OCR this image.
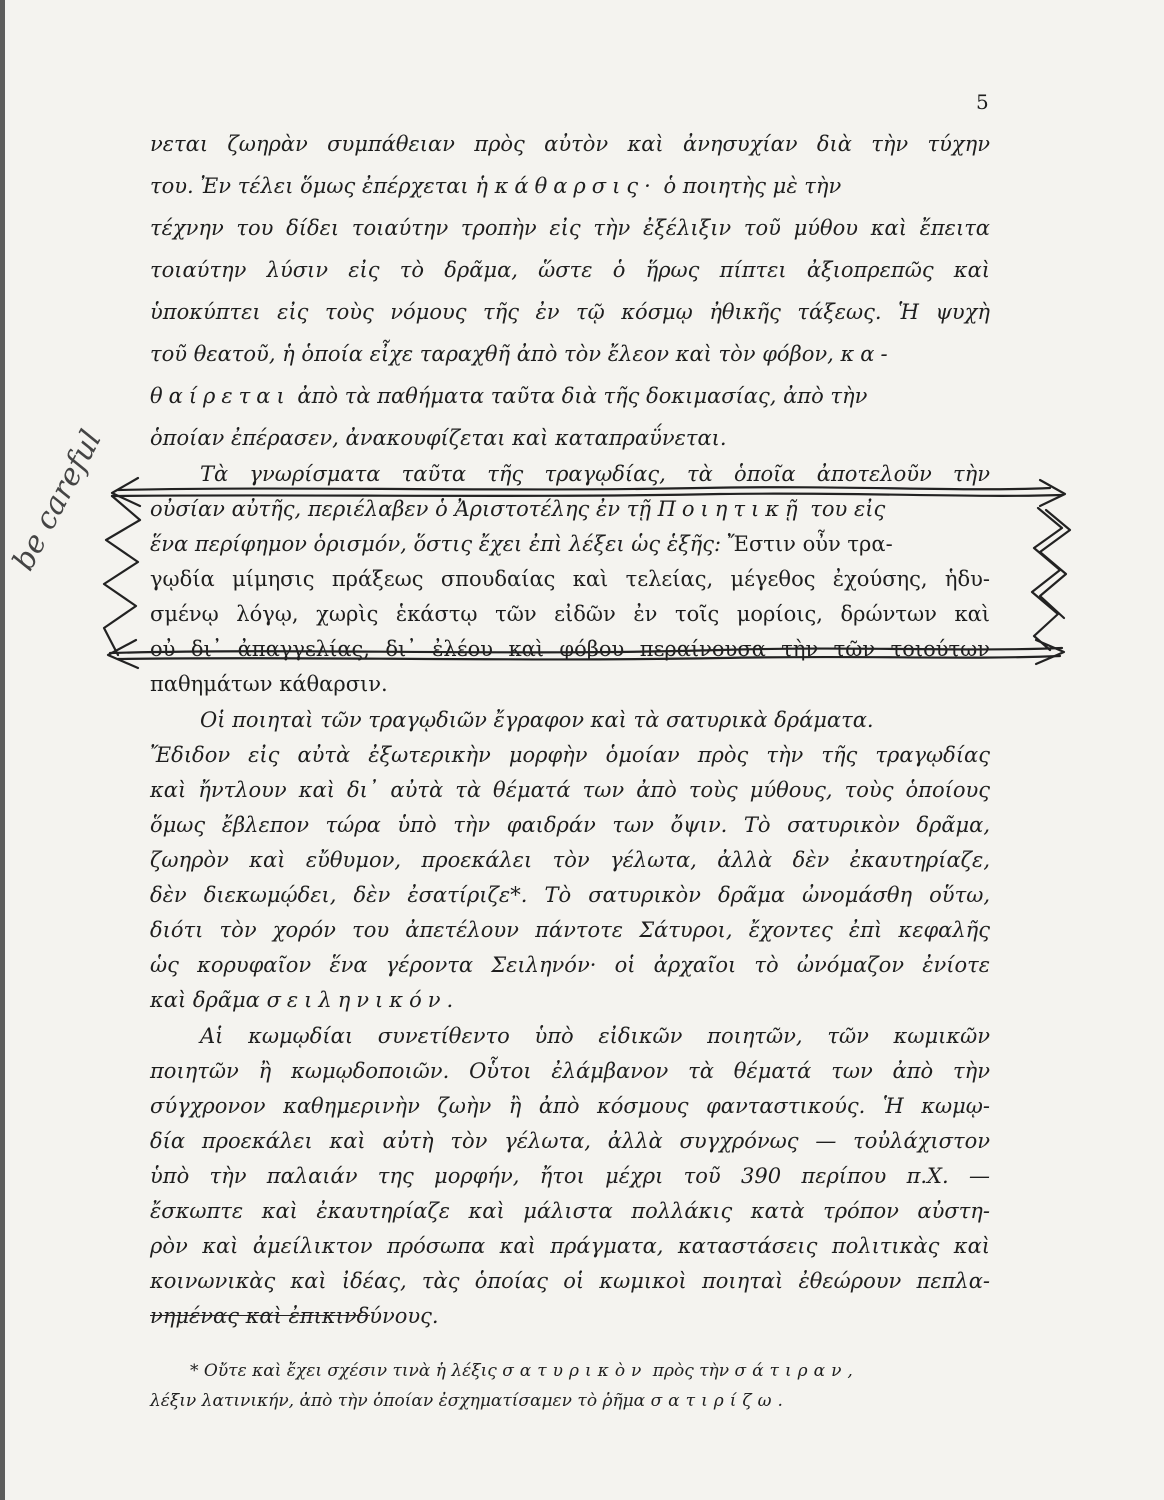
5
νεται ζωηρὰν συμπάθειαν πρὸς αὐτὸν καὶ ἀνησυχίαν διὰ τὴν τύχην
του. Ἐν τέλει ὅμως ἐπέρχεται ἡ κάθαρσις· ὁ ποιητὴς μὲ τὴν
τέχνην του δίδει τοιαύτην τροπὴν εἰς τὴν ἐξέλιξιν τοῦ μύθου καὶ ἔπειτα
τοιαύτην λύσιν εἰς τὸ δρᾶμα, ὥστε ὁ ἥρως πίπτει ἀξιοπρεπῶς καὶ
ὑποκύπτει εἰς τοὺς νόμους τῆς ἐν τῷ κόσμῳ ἠθικῆς τάξεως. Ἡ ψυχὴ
τοῦ θεατοῦ, ἡ ὁποία εἶχε ταραχθῆ ἀπὸ τὸν ἔλεον καὶ τὸν φόβον, κα-
θαίρεται ἀπὸ τὰ παθήματα ταῦτα διὰ τῆς δοκιμασίας, ἀπὸ τὴν
ὁποίαν ἐπέρασεν, ἀνακουφίζεται καὶ καταπραΰνεται.
Τὰ γνωρίσματα ταῦτα τῆς τραγῳδίας, τὰ ὁποῖα ἀποτελοῦν τὴν
οὐσίαν αὐτῆς, περιέλαβεν ὁ Ἀριστοτέλης ἐν τῇ Ποιητικῇ του εἰς
ἕνα περίφημον ὁρισμόν, ὅστις ἔχει ἐπὶ λέξει ὡς ἑξῆς: Ἔστιν οὖν τρα-
γῳδία μίμησις πράξεως σπουδαίας καὶ τελείας, μέγεθος ἐχούσης, ἡδυ-
σμένῳ λόγῳ, χωρὶς ἑκάστῳ τῶν εἰδῶν ἐν τοῖς μορίοις, δρώντων καὶ
οὐ δι᾿ ἀπαγγελίας, δι᾿ ἐλέου καὶ φόβου περαίνουσα τὴν τῶν τοιούτων
παθημάτων κάθαρσιν.
Οἱ ποιηταὶ τῶν τραγῳδιῶν ἔγραφον καὶ τὰ σατυρικὰ δράματα.
Ἔδιδον εἰς αὐτὰ ἐξωτερικὴν μορφὴν ὁμοίαν πρὸς τὴν τῆς τραγῳδίας
καὶ ἤντλουν καὶ δι᾿ αὐτὰ τὰ θέματά των ἀπὸ τοὺς μύθους, τοὺς ὁποίους
ὅμως ἔβλεπον τώρα ὑπὸ τὴν φαιδράν των ὄψιν. Τὸ σατυρικὸν δρᾶμα,
ζωηρὸν καὶ εὔθυμον, προεκάλει τὸν γέλωτα, ἀλλὰ δὲν ἐκαυτηρίαζε,
δὲν διεκωμῴδει, δὲν ἐσατίριζε*. Τὸ σατυρικὸν δρᾶμα ὠνομάσθη οὕτω,
διότι τὸν χορόν του ἀπετέλουν πάντοτε Σάτυροι, ἔχοντες ἐπὶ κεφαλῆς
ὡς κορυφαῖον ἕνα γέροντα Σειληνόν· οἱ ἀρχαῖοι τὸ ὠνόμαζον ἐνίοτε
καὶ δρᾶμα σειληνικόν.
Αἱ κωμῳδίαι συνετίθεντο ὑπὸ εἰδικῶν ποιητῶν, τῶν κωμικῶν
ποιητῶν ἢ κωμῳδοποιῶν. Οὗτοι ἐλάμβανον τὰ θέματά των ἀπὸ τὴν
σύγχρονον καθημερινὴν ζωὴν ἢ ἀπὸ κόσμους φανταστικούς. Ἡ κωμῳ-
δία προεκάλει καὶ αὐτὴ τὸν γέλωτα, ἀλλὰ συγχρόνως — τοὐλάχιστον
ὑπὸ τὴν παλαιάν της μορφήν, ἤτοι μέχρι τοῦ 390 περίπου π.Χ. —
ἔσκωπτε καὶ ἐκαυτηρίαζε καὶ μάλιστα πολλάκις κατὰ τρόπον αὐστη-
ρὸν καὶ ἀμείλικτον πρόσωπα καὶ πράγματα, καταστάσεις πολιτικὰς καὶ
κοινωνικὰς καὶ ἰδέας, τὰς ὁποίας οἱ κωμικοὶ ποιηταὶ ἐθεώρουν πεπλα-
νημένας καὶ ἐπικινδύνους.
* Οὔτε καὶ ἔχει σχέσιν τινὰ ἡ λέξις σατυρικὸν πρὸς τὴν σάτιραν,
λέξιν λατινικήν, ἀπὸ τὴν ὁποίαν ἐσχηματίσαμεν τὸ ῥῆμα σατιρίζω.
be careful
